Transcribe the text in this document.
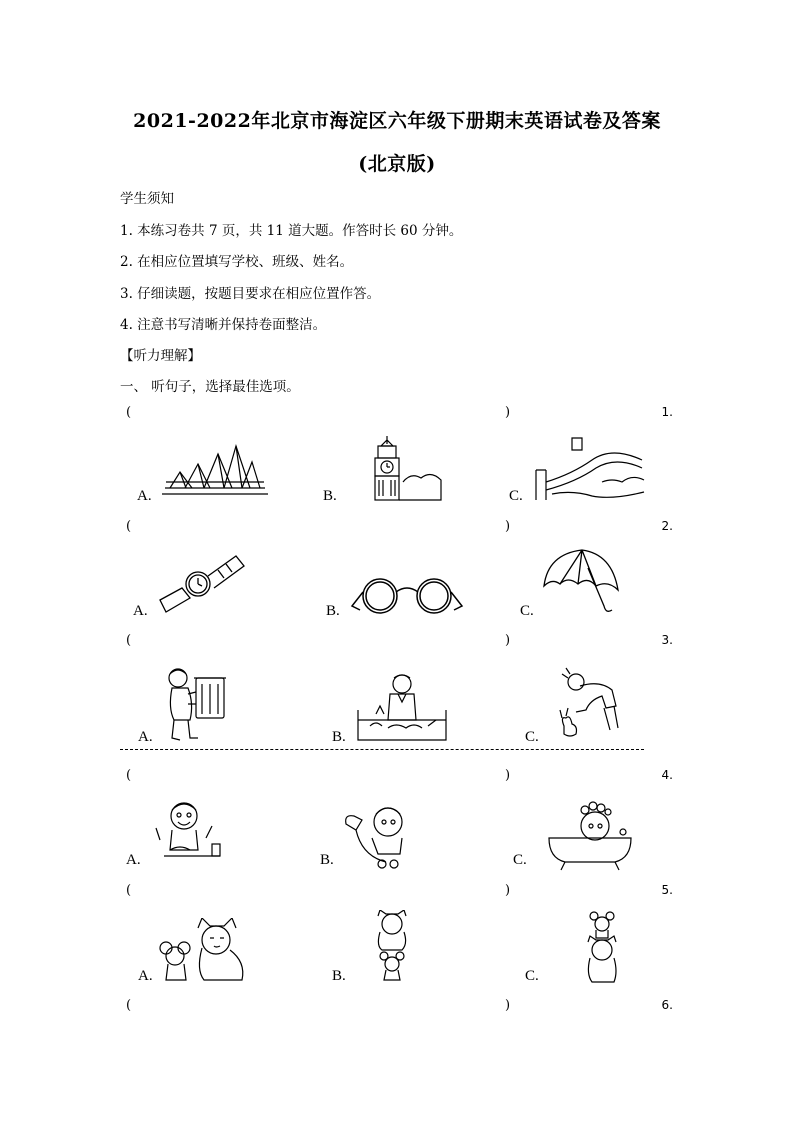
2021-2022年北京市海淀区六年级下册期末英语试卷及答案
(北京版)
学生须知
1. 本练习卷共 7 页，共 11 道大题。作答时长 60 分钟。
2. 在相应位置填写学校、班级、姓名。
3. 仔细读题，按题目要求在相应位置作答。
4. 注意书写清晰并保持卷面整洁。
【听力理解】
一、 听句子，选择最佳选项。
(	)	1.
A.	B.	C.
(	)	2.
A.	B.	C.
(	)	3.
A.	B.	C.
(	)	4.
A.	B.	C.
(	)	5.
A.	B.	C.
(	)	6.
